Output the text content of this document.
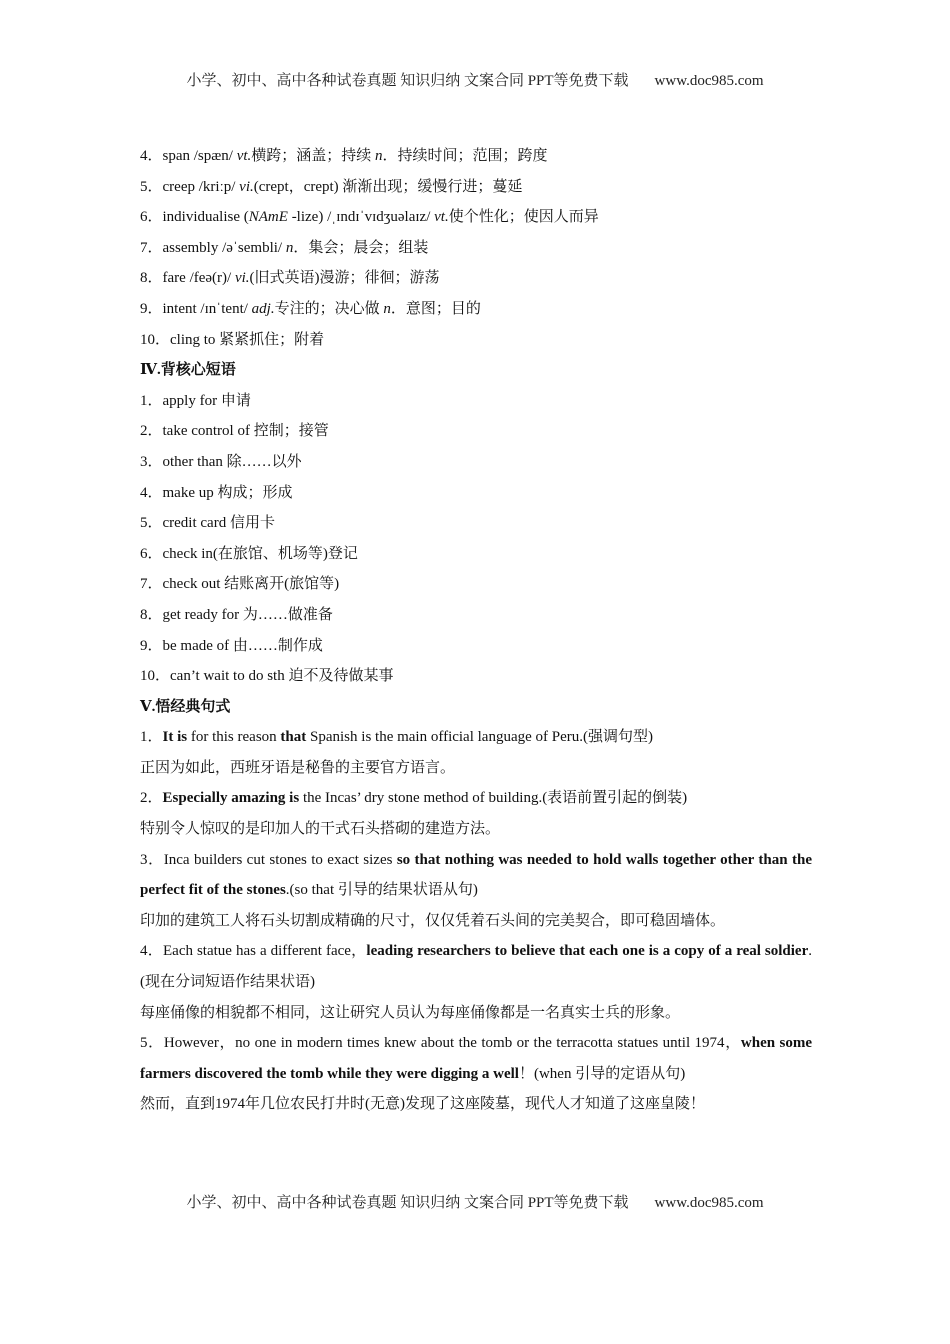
小学、初中、高中各种试卷真题 知识归纳 文案合同 PPT等免费下载 www.doc985.com
4．span /spæn/ vt.横跨；涵盖；持续 n．持续时间；范围；跨度
5．creep /kriːp/ vi.(crept，crept) 渐渐出现；缓慢行进；蔓延
6．individualise (NAmE -lize) /ˌɪndɪˈvɪdʒuəlaɪz/ vt.使个性化；使因人而异
7．assembly /əˈsembli/ n．集会；晨会；组装
8．fare /feə(r)/ vi.(旧式英语)漫游；徘徊；游荡
9．intent /ɪnˈtent/ adj.专注的；决心做 n．意图；目的
10．cling to 紧紧抓住；附着
Ⅳ.背核心短语
1．apply for 申请
2．take control of 控制；接管
3．other than 除……以外
4．make up 构成；形成
5．credit card 信用卡
6．check in(在旅馆、机场等)登记
7．check out 结账离开(旅馆等)
8．get ready for 为……做准备
9．be made of 由……制作成
10．can’t wait to do sth 迫不及待做某事
Ⅴ.悟经典句式
1．It is for this reason that Spanish is the main official language of Peru.(强调句型)
正因为如此，西班牙语是秘鲁的主要官方语言。
2．Especially amazing is the Incas’ dry stone method of building.(表语前置引起的倒装)
特别令人惊叹的是印加人的干式石头搭砌的建造方法。
3．Inca builders cut stones to exact sizes so that nothing was needed to hold walls together other than the perfect fit of the stones.(so that 引导的结果状语从句)
印加的建筑工人将石头切割成精确的尺寸，仅仅凭着石头间的完美契合，即可稳固墙体。
4．Each statue has a different face，leading researchers to believe that each one is a copy of a real soldier.(现在分词短语作结果状语)
每座俑像的相貌都不相同，这让研究人员认为每座俑像都是一名真实士兵的形象。
5．However，no one in modern times knew about the tomb or the terracotta statues until 1974，when some farmers discovered the tomb while they were digging a well！(when 引导的定语从句)
然而，直到1974年几位农民打井时(无意)发现了这座陵墓，现代人才知道了这座皇陵！
小学、初中、高中各种试卷真题 知识归纳 文案合同 PPT等免费下载 www.doc985.com
